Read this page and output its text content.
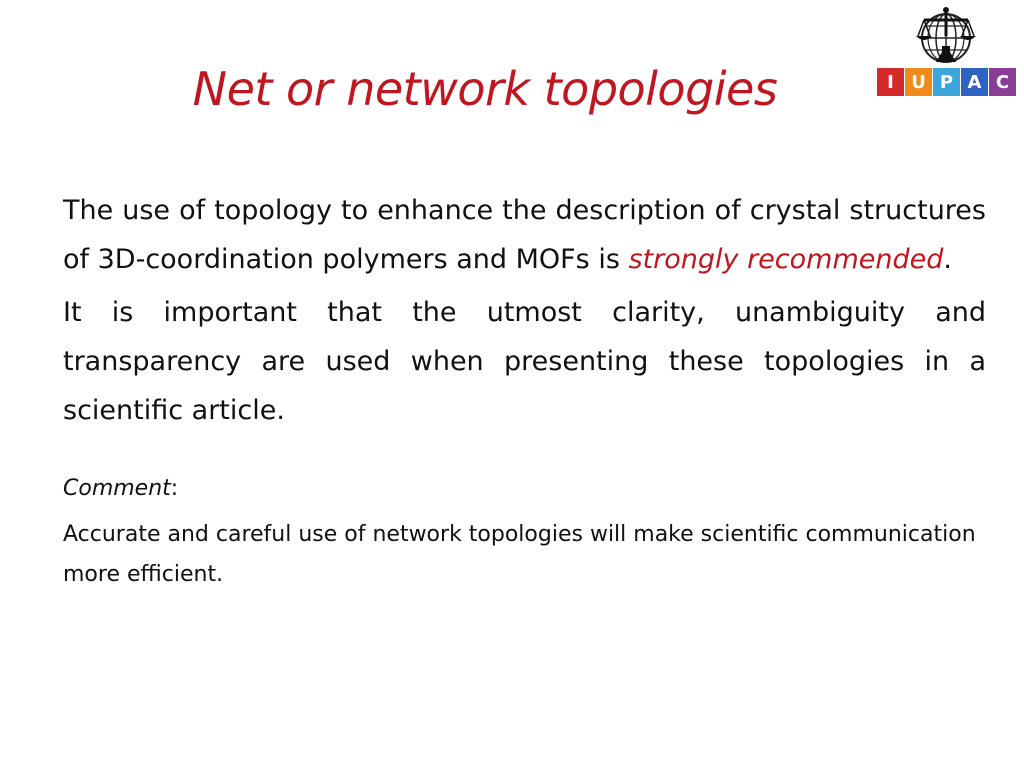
Net or network topologies	I U P A C

The use of topology to enhance the description of crystal structures of 3D-coordination polymers and MOFs is strongly recommended.

It is important that the utmost clarity, unambiguity and transparency are used when presenting these topologies in a scientific article.

Comment:

Accurate and careful use of network topologies will make scientific communication more efficient.
